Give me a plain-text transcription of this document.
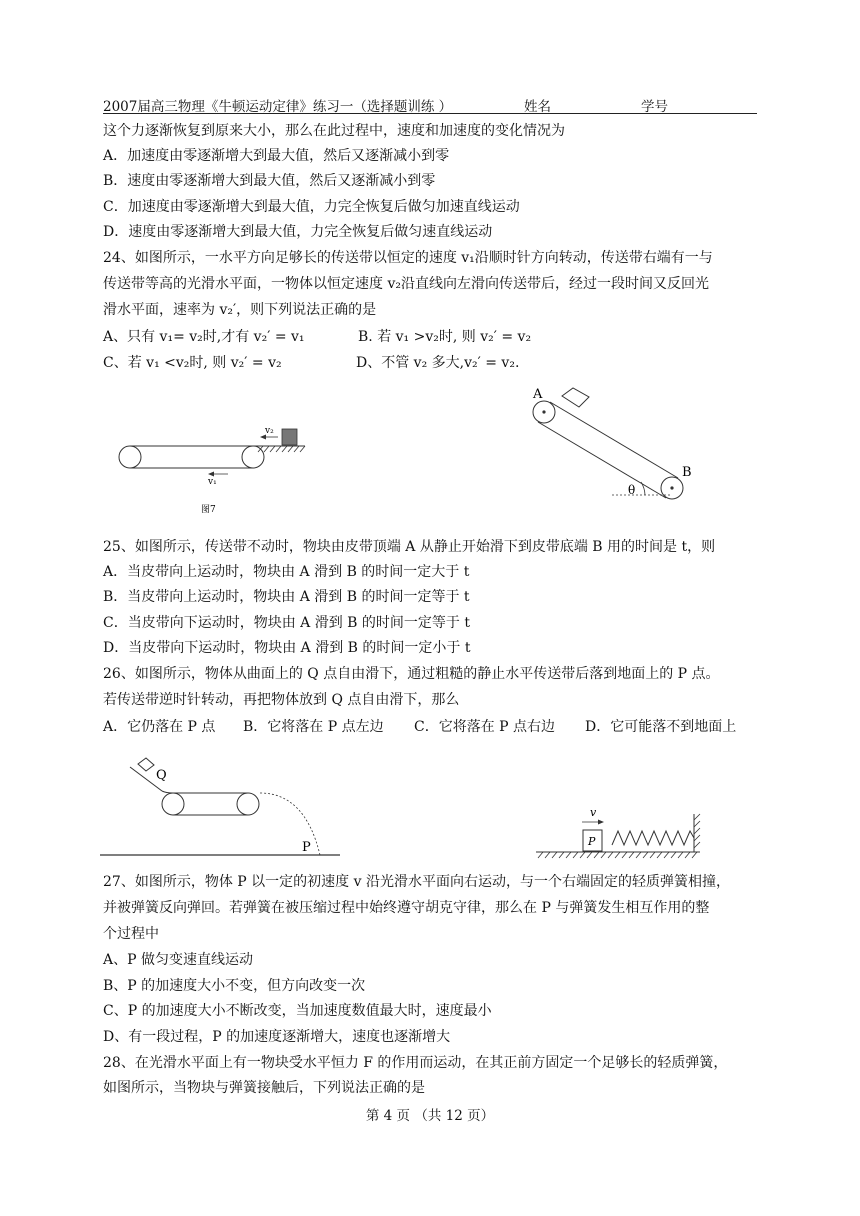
2007届高三物理《牛顿运动定律》练习一（选择题训练 ）	姓名	学号
这个力逐渐恢复到原来大小，那么在此过程中，速度和加速度的变化情况为
A．加速度由零逐渐增大到最大值，然后又逐渐减小到零
B．速度由零逐渐增大到最大值，然后又逐渐减小到零
C．加速度由零逐渐增大到最大值，力完全恢复后做匀加速直线运动
D．速度由零逐渐增大到最大值，力完全恢复后做匀速直线运动
24、如图所示，一水平方向足够长的传送带以恒定的速度 v₁沿顺时针方向转动，传送带右端有一与
传送带等高的光滑水平面，一物体以恒定速度 v₂沿直线向左滑向传送带后，经过一段时间又反回光
滑水平面，速率为 v₂′，则下列说法正确的是
A、只有 v₁= v₂时,才有 v₂′ = v₁	B. 若 v₁ >v₂时, 则 v₂′ = v₂
C、若 v₁ <v₂时, 则 v₂′ = v₂	D、不管 v₂ 多大,v₂′ = v₂.
v₂
v₁
图7
A
B
θ
25、如图所示，传送带不动时，物块由皮带顶端 A 从静止开始滑下到皮带底端 B 用的时间是 t，则
A．当皮带向上运动时，物块由 A 滑到 B 的时间一定大于 t
B．当皮带向上运动时，物块由 A 滑到 B 的时间一定等于 t
C．当皮带向下运动时，物块由 A 滑到 B 的时间一定等于 t
D．当皮带向下运动时，物块由 A 滑到 B 的时间一定小于 t
26、如图所示，物体从曲面上的 Q 点自由滑下，通过粗糙的静止水平传送带后落到地面上的 P 点。
若传送带逆时针转动，再把物体放到 Q 点自由滑下，那么
A．它仍落在 P 点 B．它将落在 P 点左边 C．它将落在 P 点右边 D．它可能落不到地面上
Q
P
v
P
27、如图所示，物体 P 以一定的初速度 v 沿光滑水平面向右运动，与一个右端固定的轻质弹簧相撞，
并被弹簧反向弹回。若弹簧在被压缩过程中始终遵守胡克守律，那么在 P 与弹簧发生相互作用的整
个过程中
A、P 做匀变速直线运动
B、P 的加速度大小不变，但方向改变一次
C、P 的加速度大小不断改变，当加速度数值最大时，速度最小
D、有一段过程，P 的加速度逐渐增大，速度也逐渐增大
28、在光滑水平面上有一物块受水平恒力 F 的作用而运动，在其正前方固定一个足够长的轻质弹簧，
如图所示，当物块与弹簧接触后，下列说法正确的是
第 4 页 （共 12 页）
